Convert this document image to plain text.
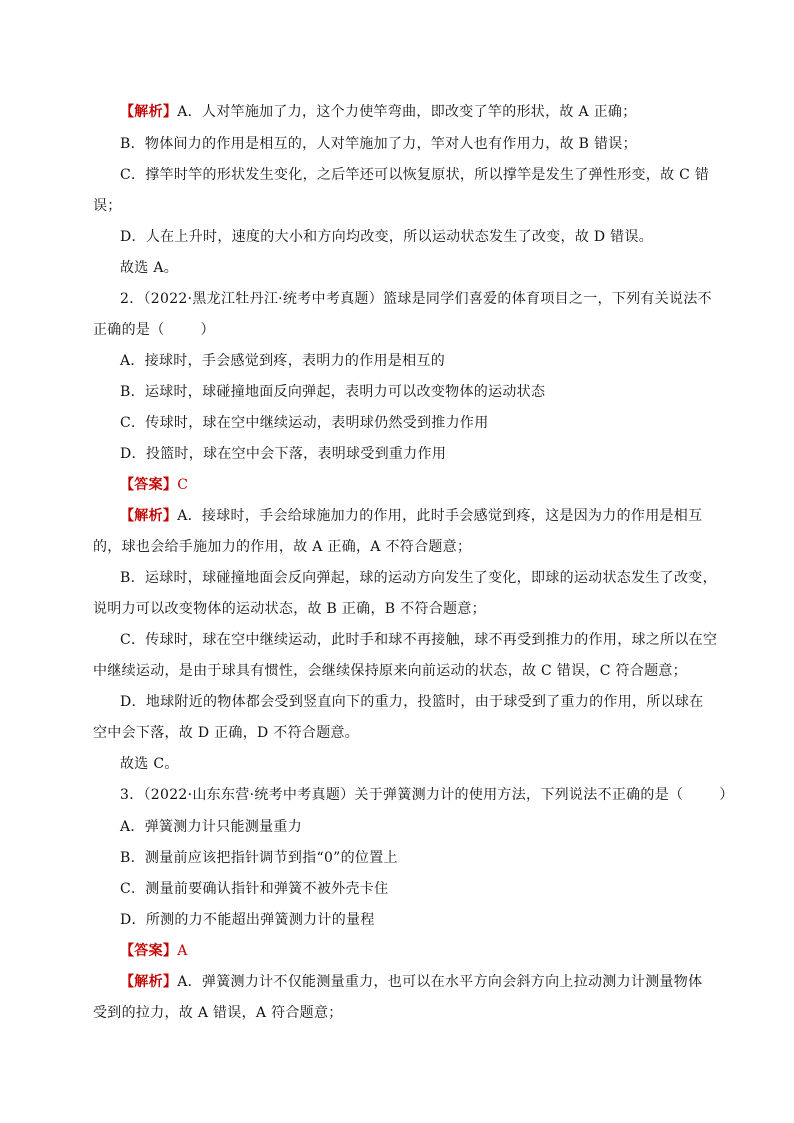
【解析】A．人对竿施加了力，这个力使竿弯曲，即改变了竿的形状，故 A 正确；
B．物体间力的作用是相互的，人对竿施加了力，竿对人也有作用力，故 B 错误；
C．撑竿时竿的形状发生变化，之后竿还可以恢复原状，所以撑竿是发生了弹性形变，故 C 错
误；
D．人在上升时，速度的大小和方向均改变，所以运动状态发生了改变，故 D 错误。
故选 A。
2．（2022·黑龙江牡丹江·统考中考真题）篮球是同学们喜爱的体育项目之一，下列有关说法不
正确的是（	）
A．接球时，手会感觉到疼，表明力的作用是相互的
B．运球时，球碰撞地面反向弹起，表明力可以改变物体的运动状态
C．传球时，球在空中继续运动，表明球仍然受到推力作用
D．投篮时，球在空中会下落，表明球受到重力作用
【答案】C
【解析】A．接球时，手会给球施加力的作用，此时手会感觉到疼，这是因为力的作用是相互
的，球也会给手施加力的作用，故 A 正确，A 不符合题意；
B．运球时，球碰撞地面会反向弹起，球的运动方向发生了变化，即球的运动状态发生了改变，
说明力可以改变物体的运动状态，故 B 正确，B 不符合题意；
C．传球时，球在空中继续运动，此时手和球不再接触，球不再受到推力的作用，球之所以在空
中继续运动，是由于球具有惯性，会继续保持原来向前运动的状态，故 C 错误，C 符合题意；
D．地球附近的物体都会受到竖直向下的重力，投篮时，由于球受到了重力的作用，所以球在
空中会下落，故 D 正确，D 不符合题意。
故选 C。
3．（2022·山东东营·统考中考真题）关于弹簧测力计的使用方法，下列说法不正确的是（	）
A．弹簧测力计只能测量重力
B．测量前应该把指针调节到指“0”的位置上
C．测量前要确认指针和弹簧不被外壳卡住
D．所测的力不能超出弹簧测力计的量程
【答案】A
【解析】A．弹簧测力计不仅能测量重力，也可以在水平方向会斜方向上拉动测力计测量物体
受到的拉力，故 A 错误，A 符合题意；
